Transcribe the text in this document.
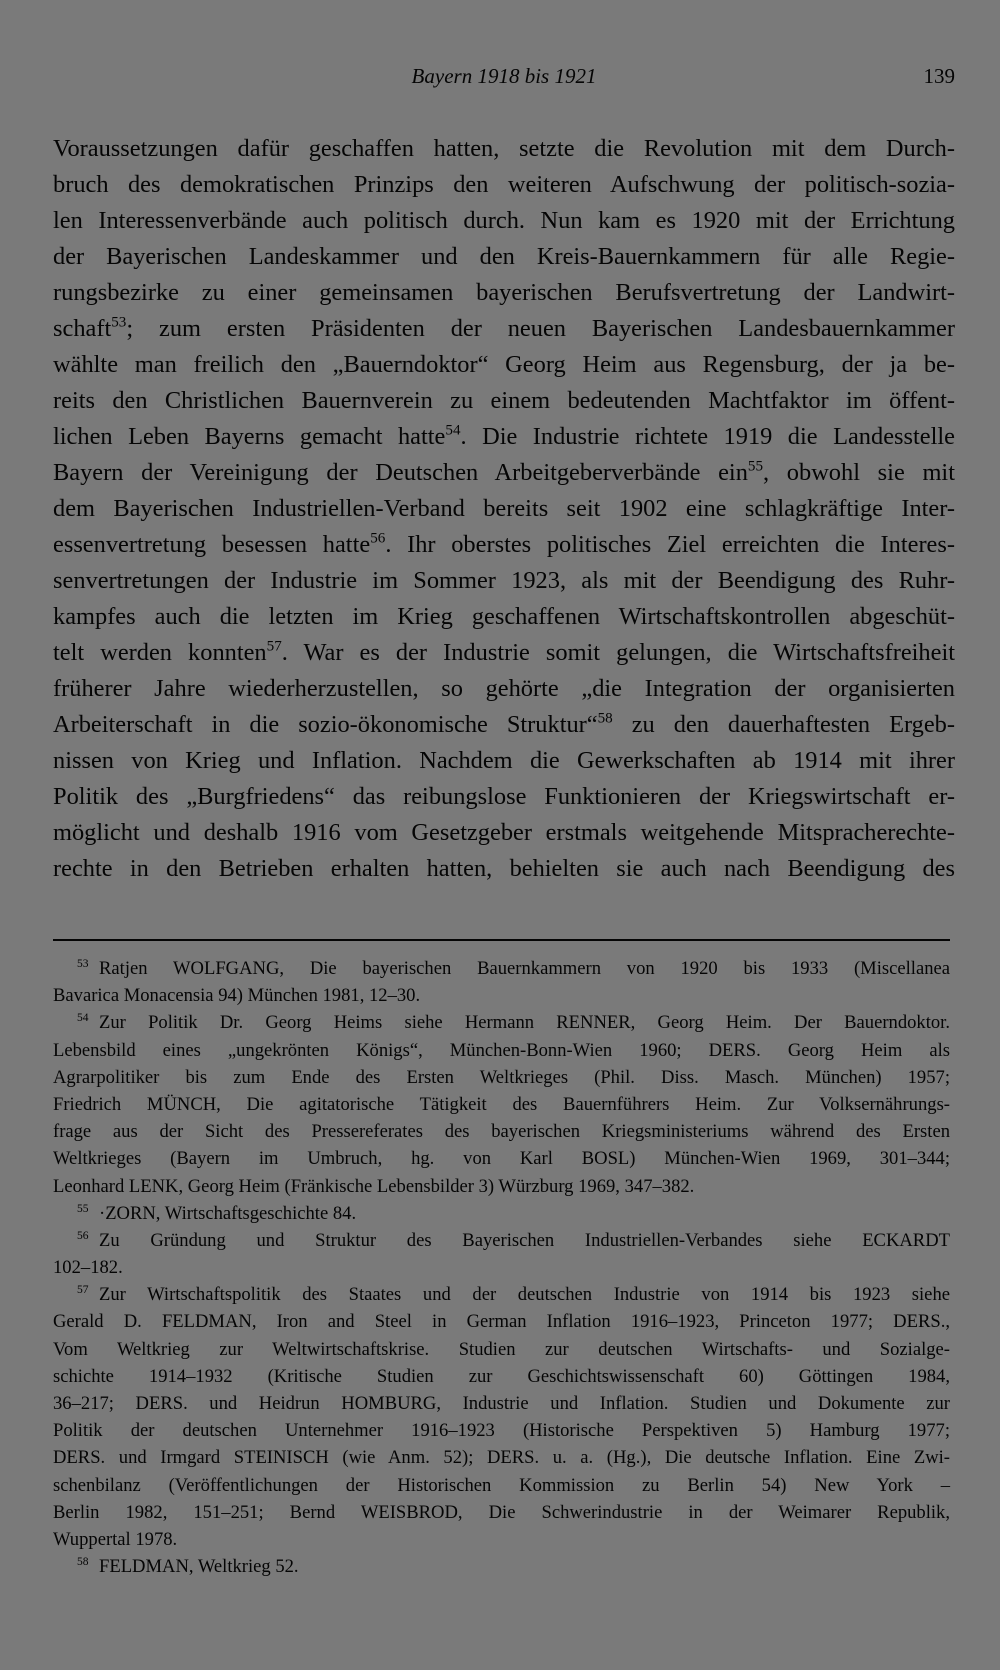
Bayern 1918 bis 1921	139
Voraussetzungen dafür geschaffen hatten, setzte die Revolution mit dem Durch-
bruch des demokratischen Prinzips den weiteren Aufschwung der politisch-sozia-
len Interessenverbände auch politisch durch. Nun kam es 1920 mit der Errichtung
der Bayerischen Landeskammer und den Kreis-Bauernkammern für alle Regie-
rungsbezirke zu einer gemeinsamen bayerischen Berufsvertretung der Landwirt-
schaft$^{53}$; zum ersten Präsidenten der neuen Bayerischen Landesbauernkammer
wählte man freilich den „Bauerndoktor“ Georg Heim aus Regensburg, der ja be-
reits den Christlichen Bauernverein zu einem bedeutenden Machtfaktor im öffent-
lichen Leben Bayerns gemacht hatte$^{54}$. Die Industrie richtete 1919 die Landesstelle
Bayern der Vereinigung der Deutschen Arbeitgeberverbände ein$^{55}$, obwohl sie mit
dem Bayerischen Industriellen-Verband bereits seit 1902 eine schlagkräftige Inter-
essenvertretung besessen hatte$^{56}$. Ihr oberstes politisches Ziel erreichten die Interes-
senvertretungen der Industrie im Sommer 1923, als mit der Beendigung des Ruhr-
kampfes auch die letzten im Krieg geschaffenen Wirtschaftskontrollen abgeschüt-
telt werden konnten$^{57}$. War es der Industrie somit gelungen, die Wirtschaftsfreiheit
früherer Jahre wiederherzustellen, so gehörte „die Integration der organisierten
Arbeiterschaft in die sozio-ökonomische Struktur“$^{58}$ zu den dauerhaftesten Ergeb-
nissen von Krieg und Inflation. Nachdem die Gewerkschaften ab 1914 mit ihrer
Politik des „Burgfriedens“ das reibungslose Funktionieren der Kriegswirtschaft er-
möglicht und deshalb 1916 vom Gesetzgeber erstmals weitgehende Mitspracherechte-
rechte in den Betrieben erhalten hatten, behielten sie auch nach Beendigung des
53 Ratjen WOLFGANG, Die bayerischen Bauernkammern von 1920 bis 1933 (Miscellanea
Bavarica Monacensia 94) München 1981, 12–30.
54 Zur Politik Dr. Georg Heims siehe Hermann RENNER, Georg Heim. Der Bauerndoktor.
Lebensbild eines „ungekrönten Königs“, München-Bonn-Wien 1960; DERS. Georg Heim als
Agrarpolitiker bis zum Ende des Ersten Weltkrieges (Phil. Diss. Masch. München) 1957;
Friedrich MÜNCH, Die agitatorische Tätigkeit des Bauernführers Heim. Zur Volksernährungs-
frage aus der Sicht des Pressereferates des bayerischen Kriegsministeriums während des Ersten
Weltkrieges (Bayern im Umbruch, hg. von Karl BOSL) München-Wien 1969, 301–344;
Leonhard LENK, Georg Heim (Fränkische Lebensbilder 3) Würzburg 1969, 347–382.
55 ·ZORN, Wirtschaftsgeschichte 84.
56 Zu Gründung und Struktur des Bayerischen Industriellen-Verbandes siehe ECKARDT
102–182.
57 Zur Wirtschaftspolitik des Staates und der deutschen Industrie von 1914 bis 1923 siehe
Gerald D. FELDMAN, Iron and Steel in German Inflation 1916–1923, Princeton 1977; DERS.,
Vom Weltkrieg zur Weltwirtschaftskrise. Studien zur deutschen Wirtschafts- und Sozialge-
schichte 1914–1932 (Kritische Studien zur Geschichtswissenschaft 60) Göttingen 1984,
36–217; DERS. und Heidrun HOMBURG, Industrie und Inflation. Studien und Dokumente zur
Politik der deutschen Unternehmer 1916–1923 (Historische Perspektiven 5) Hamburg 1977;
DERS. und Irmgard STEINISCH (wie Anm. 52); DERS. u. a. (Hg.), Die deutsche Inflation. Eine Zwi-
schenbilanz (Veröffentlichungen der Historischen Kommission zu Berlin 54) New York –
Berlin 1982, 151–251; Bernd WEISBROD, Die Schwerindustrie in der Weimarer Republik,
Wuppertal 1978.
58 FELDMAN, Weltkrieg 52.
